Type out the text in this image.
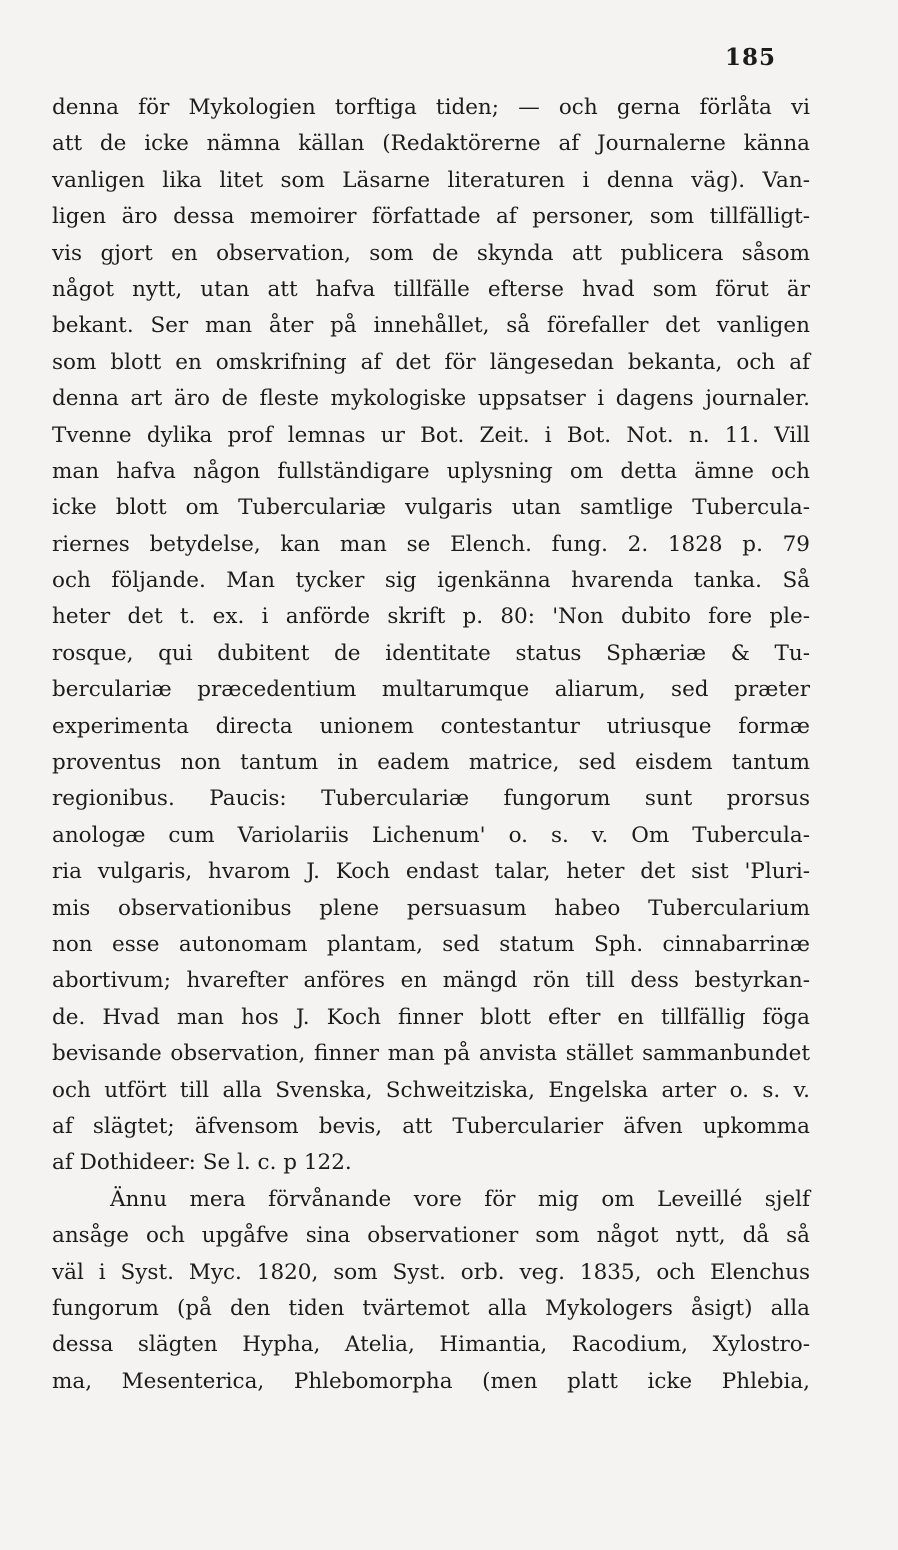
185
denna för Mykologien torftiga tiden; — och gerna förlåta vi
att de icke nämna källan (Redaktörerne af Journalerne känna
vanligen lika litet som Läsarne literaturen i denna väg). Van-
ligen äro dessa memoirer författade af personer, som tillfälligt-
vis gjort en observation, som de skynda att publicera såsom
något nytt, utan att hafva tillfälle efterse hvad som förut är
bekant. Ser man åter på innehållet, så förefaller det vanligen
som blott en omskrifning af det för längesedan bekanta, och af
denna art äro de fleste mykologiske uppsatser i dagens journaler.
Tvenne dylika prof lemnas ur Bot. Zeit. i Bot. Not. n. 11. Vill
man hafva någon fullständigare uplysning om detta ämne och
icke blott om Tuberculariæ vulgaris utan samtlige Tubercula-
riernes betydelse, kan man se Elench. fung. 2. 1828 p. 79
och följande. Man tycker sig igenkänna hvarenda tanka. Så
heter det t. ex. i anförde skrift p. 80: 'Non dubito fore ple-
rosque, qui dubitent de identitate status Sphæriæ & Tu-
berculariæ præcedentium multarumque aliarum, sed præter
experimenta directa unionem contestantur utriusque formæ
proventus non tantum in eadem matrice, sed eisdem tantum
regionibus. Paucis: Tuberculariæ fungorum sunt prorsus
anologæ cum Variolariis Lichenum' o. s. v. Om Tubercula-
ria vulgaris, hvarom J. Koch endast talar, heter det sist 'Pluri-
mis observationibus plene persuasum habeo Tubercularium
non esse autonomam plantam, sed statum Sph. cinnabarrinæ
abortivum; hvarefter anföres en mängd rön till dess bestyrkan-
de. Hvad man hos J. Koch finner blott efter en tillfällig föga
bevisande observation, finner man på anvista stället sammanbundet
och utfört till alla Svenska, Schweitziska, Engelska arter o. s. v.
af slägtet; äfvensom bevis, att Tubercularier äfven upkomma
af Dothideer: Se l. c. p 122.
Ännu mera förvånande vore för mig om Leveillé sjelf
ansåge och upgåfve sina observationer som något nytt, då så
väl i Syst. Myc. 1820, som Syst. orb. veg. 1835, och Elenchus
fungorum (på den tiden tvärtemot alla Mykologers åsigt) alla
dessa slägten Hypha, Atelia, Himantia, Racodium, Xylostro-
ma, Mesenterica, Phlebomorpha (men platt icke Phlebia,
